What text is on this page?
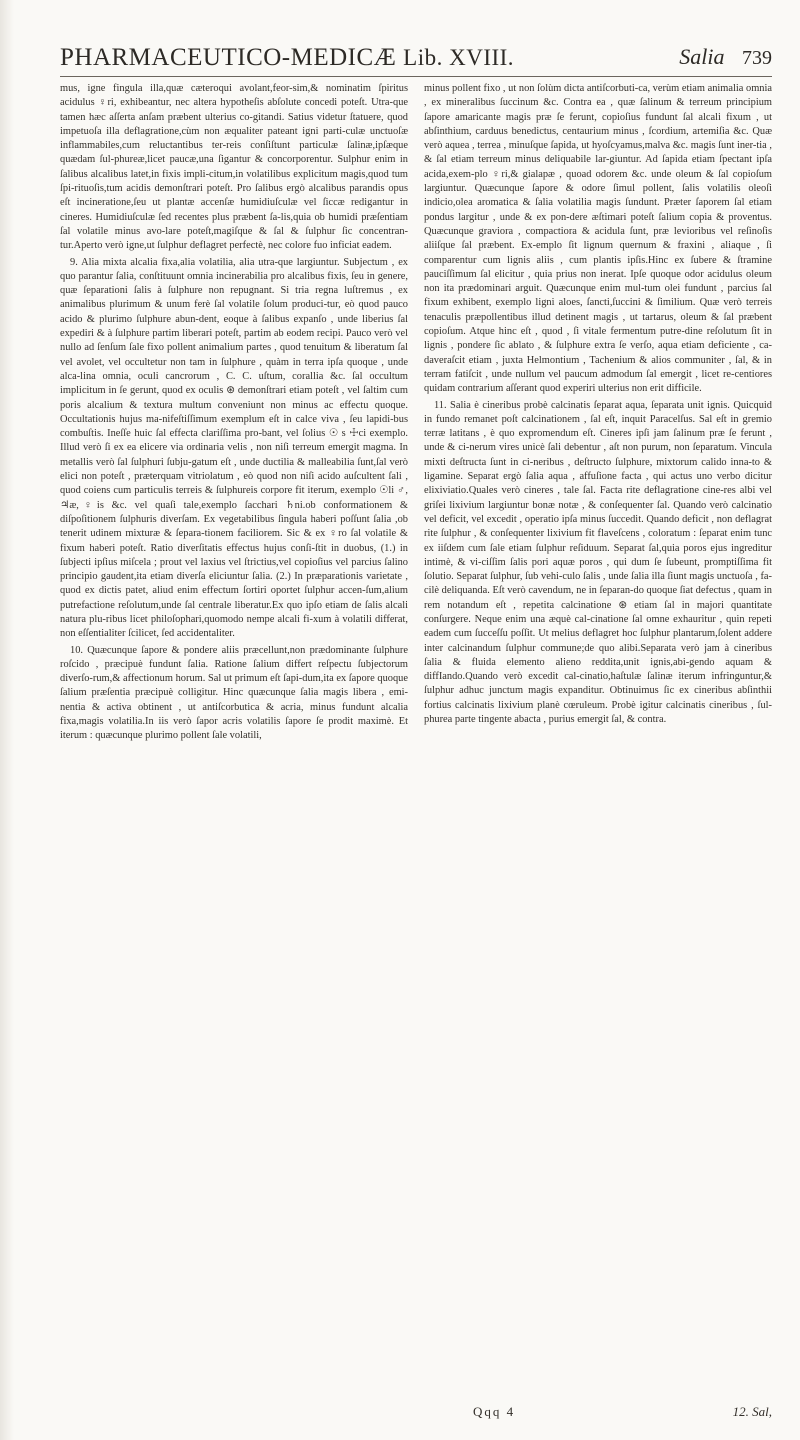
PHARMACEUTICO-MEDICÆ Lib. XVIII.	Salia 739

mus, igne fingula illa,quæ cæteroqui avolant,feor-sim,& nominatim ſpiritus acidulus ♀ri, exhibeantur, nec altera hypotheſis abſolute concedi poteſt. Utra-que tamen hæc aſſerta anſam præbent ulterius co-gitandi. Satius videtur ſtatuere, quod impetuoſa illa deflagratione,cùm non æqualiter pateant igni parti-culæ unctuoſæ inflammabiles,cum reluctantibus ter-reis conſiſtunt particulæ ſalinæ,ipſæque quædam ſul-phureæ,licet paucæ,una ſigantur & concorporentur. Sulphur enim in ſalibus alcalibus latet,in fixis impli-citum,in volatilibus explicitum magis,quod tum ſpi-rituoſis,tum acidis demonſtrari poteſt. Pro ſalibus ergò alcalibus parandis opus eſt incineratione,ſeu ut plantæ accenſæ humidiuſculæ vel ſiccæ redigantur in cineres. Humidiuſculæ ſed recentes plus præbent ſa-lis,quia ob humidi præſentiam ſal volatile minus avo-lare poteſt,magiſque & ſal & ſulphur ſic concentran-tur.Aperto verò igne,ut ſulphur deflagret perfectè, nec colore fuo inficiat eadem.

9. Alia mixta alcalia fixa,alia volatilia, alia utra-que largiuntur. Subjectum , ex quo parantur ſalia, conſtituunt omnia incinerabilia pro alcalibus fixis, ſeu in genere, quæ ſeparationi ſalis à ſulphure non repugnant. Si tria regna luſtremus , ex animalibus plurimum & unum ferè ſal volatile ſolum produci-tur, eò quod pauco acido & plurimo ſulphure abun-dent, eoque à ſalibus expanſo , unde liberius ſal expediri & à ſulphure partim liberari poteſt, partim ab eodem recipi. Pauco verò vel nullo ad ſenſum ſale fixo pollent animalium partes , quod tenuitum & liberatum ſal vel avolet, vel occultetur non tam in ſulphure , quàm in terra ipſa quoque , unde alca-lina omnia, oculi cancrorum , C. C. uſtum, corallia &c. ſal occultum implicitum in ſe gerunt, quod ex oculis ⊛ demonſtrari etiam poteſt , vel ſaltim cum poris alcalium & textura multum conveniunt non minus ac effectu quoque. Occultationis hujus ma-nifeſtiſſimum exemplum eſt in calce viva , ſeu lapidi-bus combuſtis. Ineſſe huic ſal effecta clariſſima pro-bant, vel ſolius ☉ s ☩ci exemplo. Illud verò ſi ex ea elicere via ordinaria velis , non niſi terreum emergit magma. In metallis verò ſal ſulphuri ſubju-gatum eſt , unde ductilia & malleabilia ſunt,ſal verò elici non poteſt , præterquam vitriolatum , eò quod non niſi acido auſcultent ſali , quod coiens cum particulis terreis & ſulphureis corpore fit iterum, exemplo ☉li ♂, ♃æ,♀is &c. vel quaſi tale,exemplo ſacchari ♄ni.ob conformationem & diſpoſitionem ſulphuris diverſam. Ex vegetabilibus ſingula haberi poſſunt ſalia ,ob tenerit udinem mixturæ & ſepara-tionem faciliorem. Sic & ex ♀ro ſal volatile & fixum haberi poteſt. Ratio diverſitatis effectus hujus conſi-ſtit in duobus, (1.) in ſubjecti ipſius miſcela ; prout vel laxius vel ſtrictius,vel copioſius vel parcius ſalino principio gaudent,ita etiam diverſa eliciuntur ſalia. (2.) In præparationis varietate , quod ex dictis patet, aliud enim effectum ſortiri oportet ſulphur accen-ſum,alium putrefactione reſolutum,unde ſal centrale liberatur.Ex quo ipſo etiam de ſalis alcali natura plu-ribus licet philoſophari,quomodo nempe alcali fi-xum à volatili differat, non eſſentialiter ſcilicet, ſed accidentaliter.

10. Quæcunque ſapore & pondere aliis præcellunt,non prædominante ſulphure roſcido , præcipuè fundunt ſalia. Ratione ſalium differt reſpectu ſubjectorum diverſo-rum,& affectionum horum. Sal ut primum eſt ſapi-dum,ita ex ſapore quoque ſalium præſentia præcipuè colligitur. Hinc quæcunque ſalia magis libera , emi-nentia & activa obtinent , ut antiſcorbutica & acria, minus fundunt alcalia fixa,magis volatilia.In iis verò ſapor acris volatilis ſapore ſe prodit maximè. Et iterum : quæcunque plurimo pollent ſale volatili,

minus pollent fixo , ut non ſolùm dicta antiſcorbuti-ca, verùm etiam animalia omnia , ex mineralibus ſuccinum &c. Contra ea , quæ ſalinum & terreum principium ſapore amaricante magis præ ſe ferunt, copioſius fundunt ſal alcali fixum , ut abſinthium, carduus benedictus, centaurium minus , ſcordium, artemiſia &c. Quæ verò aquea , terrea , minuſque ſapida, ut hyoſcyamus,malva &c. magis ſunt iner-tia , & ſal etiam terreum minus deliquabile lar-giuntur. Ad ſapida etiam ſpectant ipſa acida,exem-plo ♀ri,& gialapæ , quoad odorem &c. unde oleum & ſal copioſum largiuntur. Quæcunque ſapore & odore ſimul pollent, ſalis volatilis oleoſi indicio,olea aromatica & ſalia volatilia magis ſundunt. Præter ſaporem ſal etiam pondus largitur , unde & ex pon-dere æſtimari poteſt ſalium copia & proventus. Quæcunque graviora , compactiora & acidula ſunt, præ levioribus vel reſinoſis aliiſque ſal præbent. Ex-emplo ſit lignum quernum & fraxini , aliaque , ſi comparentur cum lignis aliis , cum plantis ipſis.Hinc ex ſubere & ſtramine pauciſſimum ſal elicitur , quia prius non inerat. Ipſe quoque odor acidulus oleum non ita prædominari arguit. Quæcunque enim mul-tum olei fundunt , parcius ſal fixum exhibent, exemplo ligni aloes, ſancti,ſuccini & ſimilium. Quæ verò terreis tenaculis præpollentibus illud detinent magis , ut tartarus, oleum & ſal præbent copioſum. Atque hinc eſt , quod , ſi vitale fermentum putre-dine reſolutum ſit in lignis , pondere ſic ablato , & ſulphure extra ſe verſo, aqua etiam deficiente , ca-daveraſcit etiam , juxta Helmontium , Tachenium & alios communiter , ſal, & in terram fatiſcit , unde nullum vel paucum admodum ſal emergit , licet re-centiores quidam contrarium aſſerant quod experiri ulterius non erit difficile.

11. Salia è cineribus probè calcinatis ſeparat aqua, ſeparata unit ignis. Quicquid in fundo remanet poſt calcinationem , ſal eſt, inquit Paracelſus. Sal eſt in gremio terræ latitans , è quo expromendum eſt. Cineres ipſi jam ſalinum præ ſe ferunt , unde & ci-nerum vires unicè ſali debentur , aſt non purum, non ſeparatum. Vincula mixti deſtructa ſunt in ci-neribus , deſtructo ſulphure, mixtorum calido inna-to & ligamine. Separat ergò ſalia aqua , affuſione facta , qui actus uno verbo dicitur elixiviatio.Quales verò cineres , tale ſal. Facta rite deflagratione cine-res albi vel griſei lixivium largiuntur bonæ notæ , & conſequenter ſal. Quando verò calcinatio vel deficit, vel excedit , operatio ipſa minus ſuccedit. Quando deficit , non deflagrat rite ſulphur , & conſequenter lixivium fit flaveſcens , coloratum : ſeparat enim tunc ex iiſdem cum ſale etiam ſulphur reſiduum. Separat ſal,quia poros ejus ingreditur intimè, & vi-ciſſim ſalis pori aquæ poros , qui dum ſe ſubeunt, promptiſſima fit ſolutio. Separat ſulphur, ſub vehi-culo ſalis , unde ſalia illa ſiunt magis unctuoſa , fa-cilè deliquanda. Eſt verò cavendum, ne in ſeparan-do quoque ſiat defectus , quam in rem notandum eſt , repetita calcinatione ⊛ etiam ſal in majori quantitate conſurgere. Neque enim una æquè cal-cinatione ſal omne exhauritur , quin repeti eadem cum ſucceſſu poſſit. Ut melius deflagret hoc ſulphur plantarum,ſolent addere inter calcinandum ſulphur commune;de quo alibi.Separata verò jam à cineribus ſalia & fluida elemento alieno reddita,unit ignis,abi-gendo aquam & diffIando.Quando verò excedit cal-cinatio,haſtulæ ſalinæ iterum infringuntur,& ſulphur adhuc junctum magis expanditur. Obtinuimus ſic ex cineribus abſinthii fortius calcinatis lixivium planè cœruleum. Probè igitur calcinatis cineribus , ſul-phurea parte tingente abacta , purius emergit ſal, & contra.

Qqq 4	12. Sal,
